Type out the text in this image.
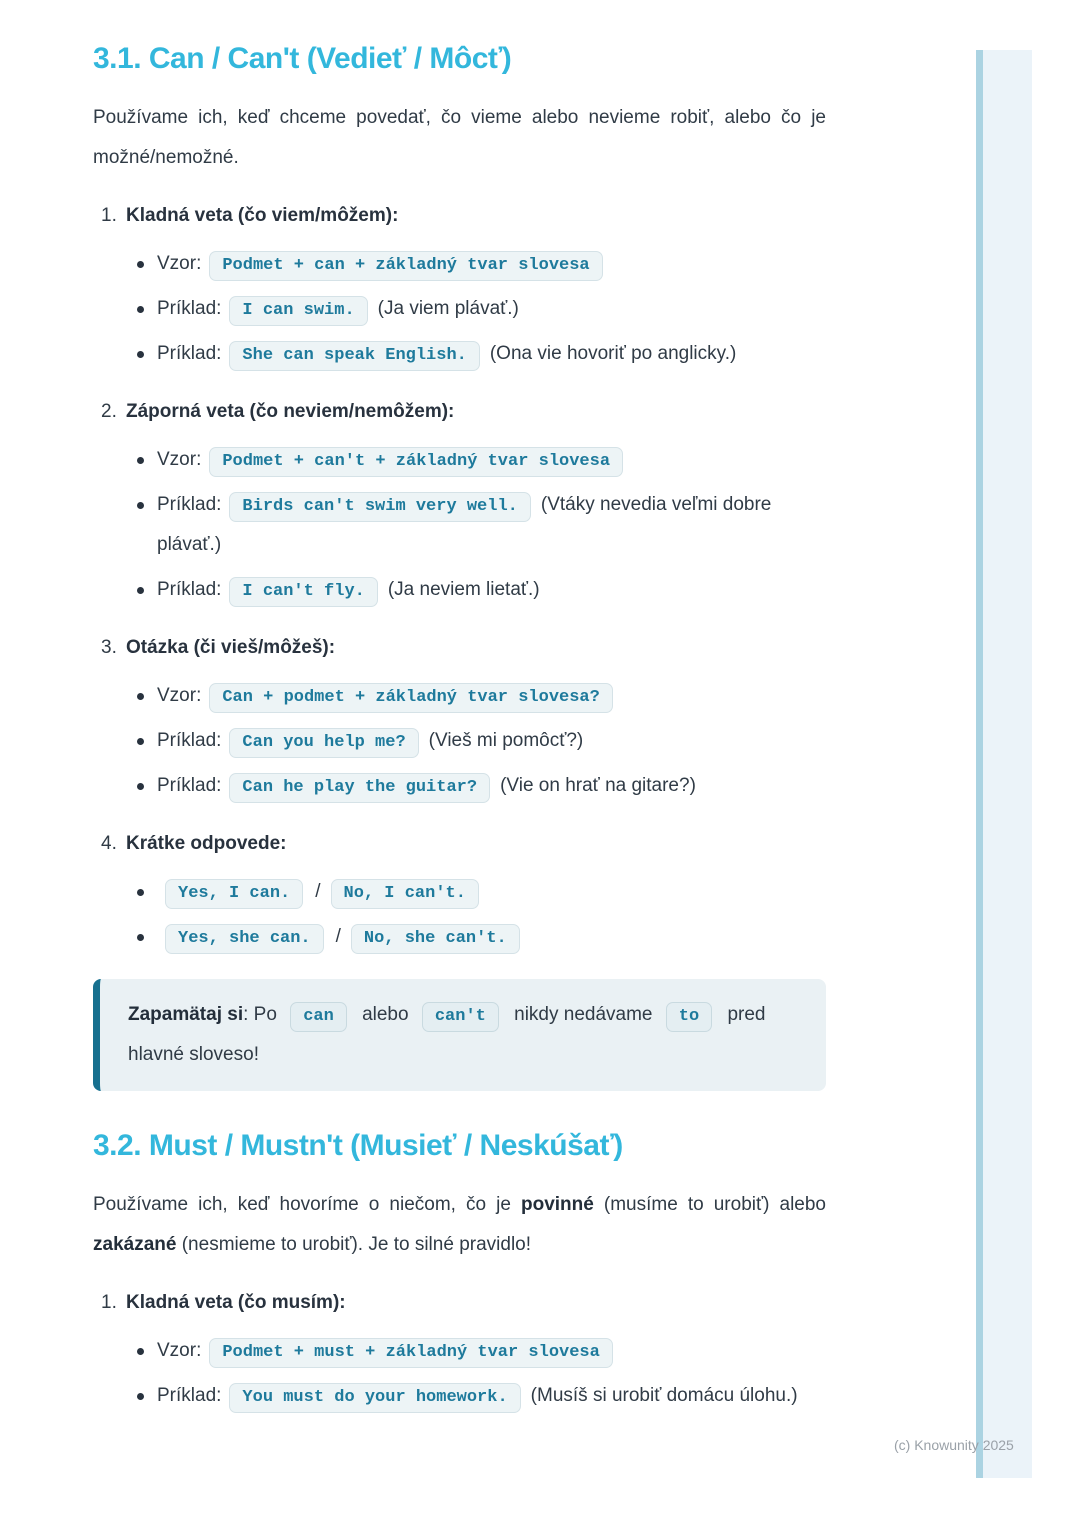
3.1. Can / Can't (Vedieť / Môcť)

Používame ich, keď chceme povedať, čo vieme alebo nevieme robiť, alebo čo je možné/nemožné.

1. Kladná veta (čo viem/môžem):
Vzor: Podmet + can + základný tvar slovesa
Príklad: I can swim. (Ja viem plávať.)
Príklad: She can speak English. (Ona vie hovoriť po anglicky.)
2. Záporná veta (čo neviem/nemôžem):
Vzor: Podmet + can't + základný tvar slovesa
Príklad: Birds can't swim very well. (Vtáky nevedia veľmi dobre plávať.)
Príklad: I can't fly. (Ja neviem lietať.)
3. Otázka (či vieš/môžeš):
Vzor: Can + podmet + základný tvar slovesa?
Príklad: Can you help me? (Vieš mi pomôcť?)
Príklad: Can he play the guitar? (Vie on hrať na gitare?)
4. Krátke odpovede:
Yes, I can. / No, I can't.
Yes, she can. / No, she can't.
Zapamätaj si: Po can alebo can't nikdy nedávame to pred hlavné sloveso!
3.2. Must / Mustn't (Musieť / Neskúšať)

Používame ich, keď hovoríme o niečom, čo je povinné (musíme to urobiť) alebo zakázané (nesmieme to urobiť). Je to silné pravidlo!

1. Kladná veta (čo musím):
Vzor: Podmet + must + základný tvar slovesa
Príklad: You must do your homework. (Musíš si urobiť domácu úlohu.)
(c) Knowunity 2025
